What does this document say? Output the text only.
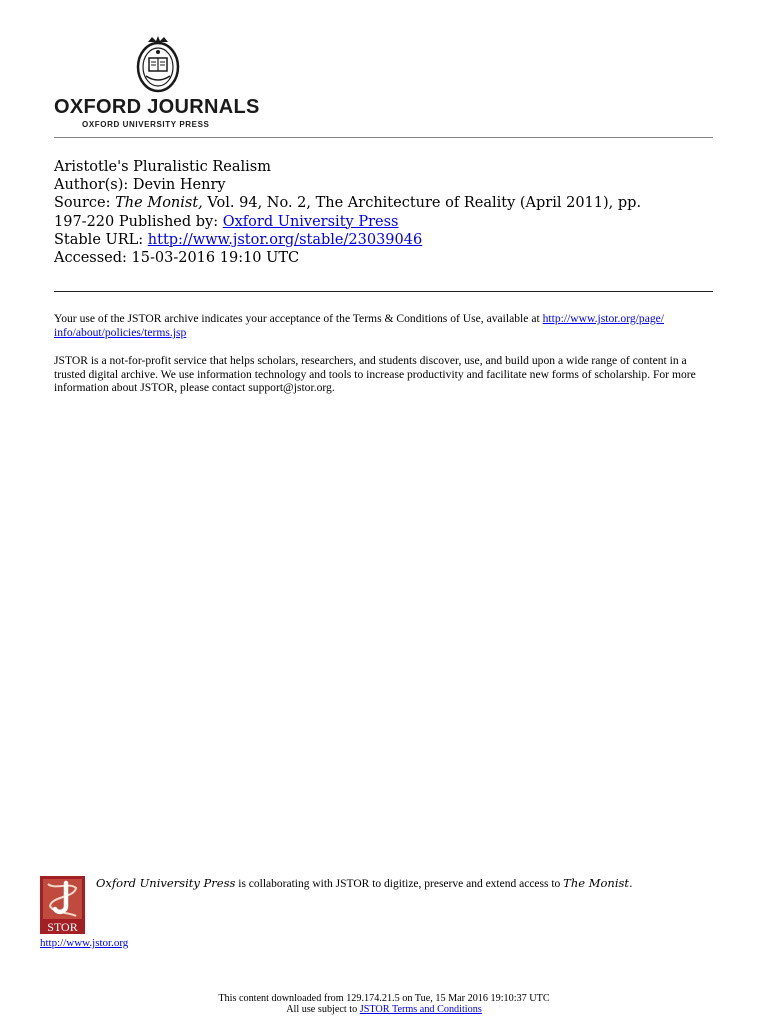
OXFORD JOURNALS
OXFORD UNIVERSITY PRESS
Aristotle's Pluralistic Realism
Author(s): Devin Henry
Source: The Monist, Vol. 94, No. 2, The Architecture of Reality (April 2011), pp.
197-220 Published by: Oxford University Press
Stable URL: http://www.jstor.org/stable/23039046
Accessed: 15-03-2016 19:10 UTC

Your use of the JSTOR archive indicates your acceptance of the Terms & Conditions of Use, available at http://www.jstor.org/page/
info/about/policies/terms.jsp

JSTOR is a not-for-profit service that helps scholars, researchers, and students discover, use, and build upon a wide range of content in a trusted digital archive. We use information technology and tools to increase productivity and facilitate new forms of scholarship. For more information about JSTOR, please contact support@jstor.org.

STOR
Oxford University Press is collaborating with JSTOR to digitize, preserve and extend access to The Monist.
http://www.jstor.org
This content downloaded from 129.174.21.5 on Tue, 15 Mar 2016 19:10:37 UTC
All use subject to JSTOR Terms and Conditions
